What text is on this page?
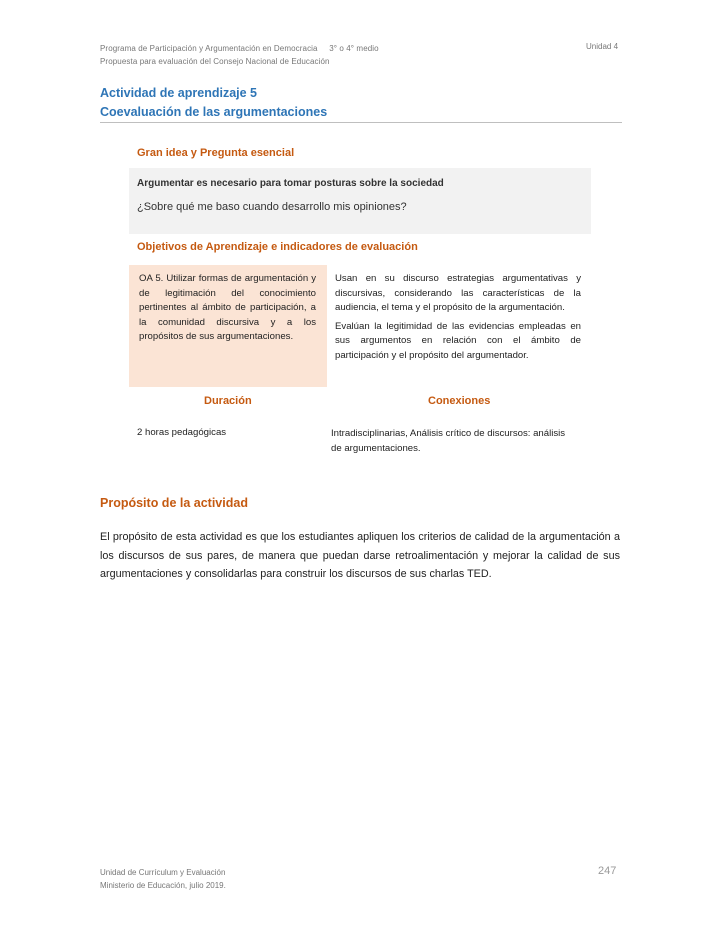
Programa de Participación y Argumentación en Democracia     3° o 4° medio
Propuesta para evaluación del Consejo Nacional de Educación
Unidad 4
Actividad de aprendizaje 5
Coevaluación de las argumentaciones
Gran idea y Pregunta esencial
Argumentar es necesario para tomar posturas sobre la sociedad
¿Sobre qué me baso cuando desarrollo mis opiniones?
Objetivos de Aprendizaje e indicadores de evaluación
OA 5. Utilizar formas de argumentación y de legitimación del conocimiento pertinentes al ámbito de participación, a la comunidad discursiva y a los propósitos de sus argumentaciones.

Usan en su discurso estrategias argumentativas y discursivas, considerando las características de la audiencia, el tema y el propósito de la argumentación.

Evalúan la legitimidad de las evidencias empleadas en sus argumentos en relación con el ámbito de participación y el propósito del argumentador.

Duración	Conexiones
2 horas pedagógicas	Intradisciplinarias, Análisis crítico de discursos: análisis de argumentaciones.
Propósito de la actividad
El propósito de esta actividad es que los estudiantes apliquen los criterios de calidad de la argumentación a los discursos de sus pares, de manera que puedan darse retroalimentación y mejorar la calidad de sus argumentaciones y consolidarlas para construir los discursos de sus charlas TED.
Unidad de Currículum y Evaluación
Ministerio de Educación, julio 2019.
247
